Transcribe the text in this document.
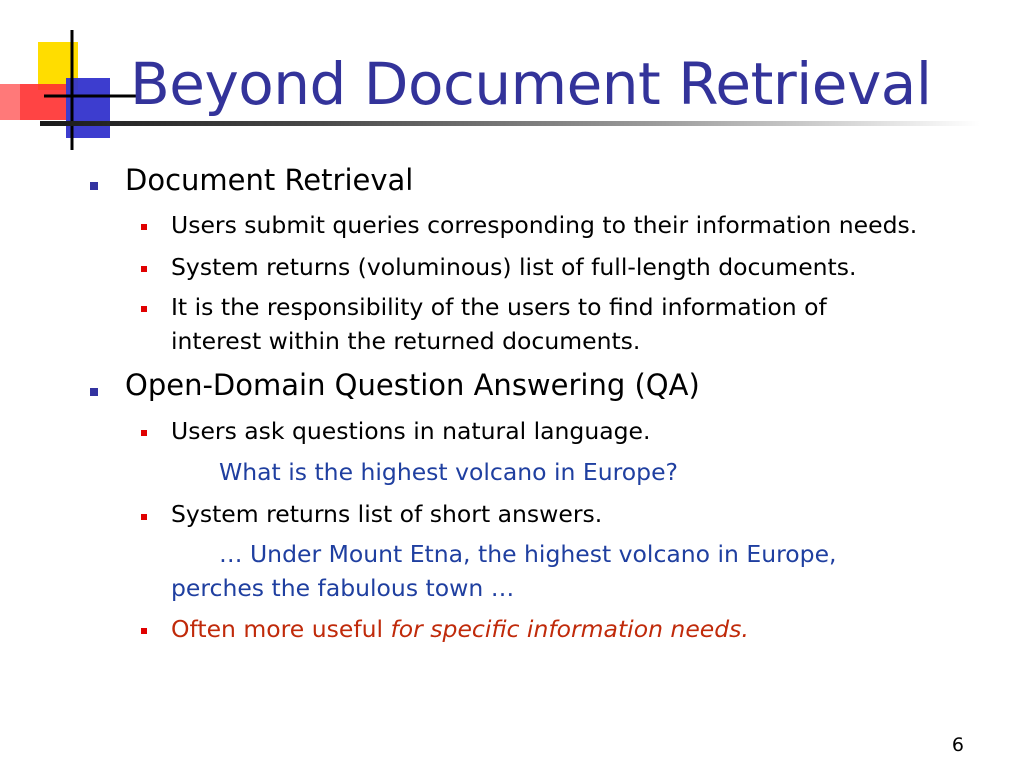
Beyond Document Retrieval
Document Retrieval
Users submit queries corresponding to their information needs.
System returns (voluminous) list of full-length documents.
It is the responsibility of the users to find information of
interest within the returned documents.
Open-Domain Question Answering (QA)
Users ask questions in natural language.
What is the highest volcano in Europe?
System returns list of short answers.
… Under Mount Etna, the highest volcano in Europe,
perches the fabulous town …
Often more useful for specific information needs.
6
